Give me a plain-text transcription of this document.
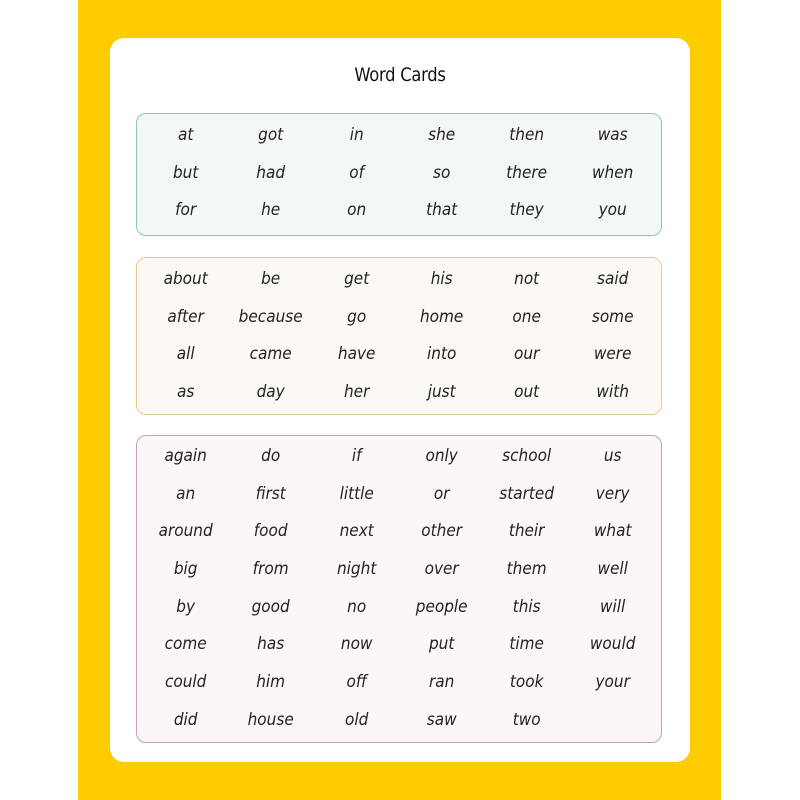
Word Cards
at	got	in	she	then	was
but	had	of	so	there	when
for	he	on	that	they	you
about	be	get	his	not	said
after	because	go	home	one	some
all	came	have	into	our	were
as	day	her	just	out	with
again	do	if	only	school	us
an	first	little	or	started	very
around	food	next	other	their	what
big	from	night	over	them	well
by	good	no	people	this	will
come	has	now	put	time	would
could	him	off	ran	took	your
did	house	old	saw	two
